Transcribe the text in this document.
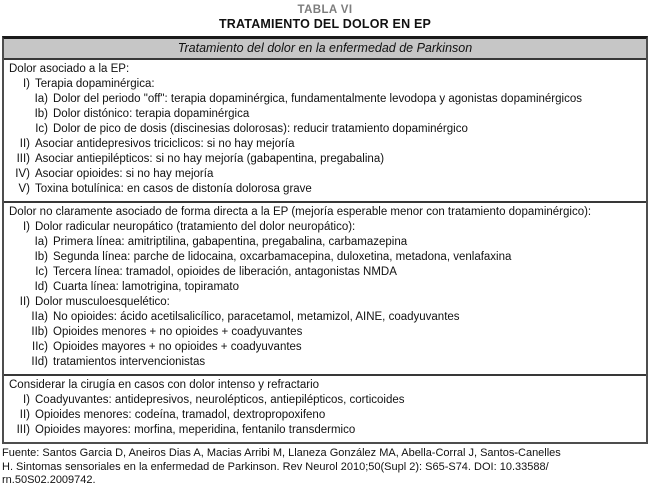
TABLA VI
TRATAMIENTO DEL DOLOR EN EP
Tratamiento del dolor en la enfermedad de Parkinson
Dolor asociado a la EP:
I) Terapia dopaminérgica:
Ia) Dolor del periodo "off": terapia dopaminérgica, fundamentalmente levodopa y agonistas dopaminérgicos
Ib) Dolor distónico: terapia dopaminérgica
Ic) Dolor de pico de dosis (discinesias dolorosas): reducir tratamiento dopaminérgico
II) Asociar antidepresivos triciclicos: si no hay mejoría
III) Asociar antiepilépticos: si no hay mejoría (gabapentina, pregabalina)
IV) Asociar opioides: si no hay mejoría
V) Toxina botulínica: en casos de distonía dolorosa grave
Dolor no claramente asociado de forma directa a la EP (mejoría esperable menor con tratamiento dopaminérgico):
I) Dolor radicular neuropático (tratamiento del dolor neuropático):
Ia) Primera línea: amitriptilina, gabapentina, pregabalina, carbamazepina
Ib) Segunda línea: parche de lidocaina, oxcarbamacepina, duloxetina, metadona, venlafaxina
Ic) Tercera línea: tramadol, opioides de liberación, antagonistas NMDA
Id) Cuarta línea: lamotrigina, topiramato
II) Dolor musculoesquelético:
IIa) No opioides: ácido acetilsalicílico, paracetamol, metamizol, AINE, coadyuvantes
IIb) Opioides menores + no opioides + coadyuvantes
IIc) Opioides mayores + no opioides + coadyuvantes
IId) tratamientos intervencionistas
Considerar la cirugía en casos con dolor intenso y refractario
I) Coadyuvantes: antidepresivos, neurolépticos, antiepilépticos, corticoides
II) Opioides menores: codeína, tramadol, dextropropoxifeno
III) Opioides mayores: morfina, meperidina, fentanilo transdermico
Fuente: Santos Garcia D, Aneiros Dias A, Macias Arribi M, Llaneza González MA, Abella-Corral J, Santos-Canelles
H. Sintomas sensoriales en la enfermedad de Parkinson. Rev Neurol 2010;50(Supl 2): S65-S74. DOI: 10.33588/
rn.50S02.2009742.
